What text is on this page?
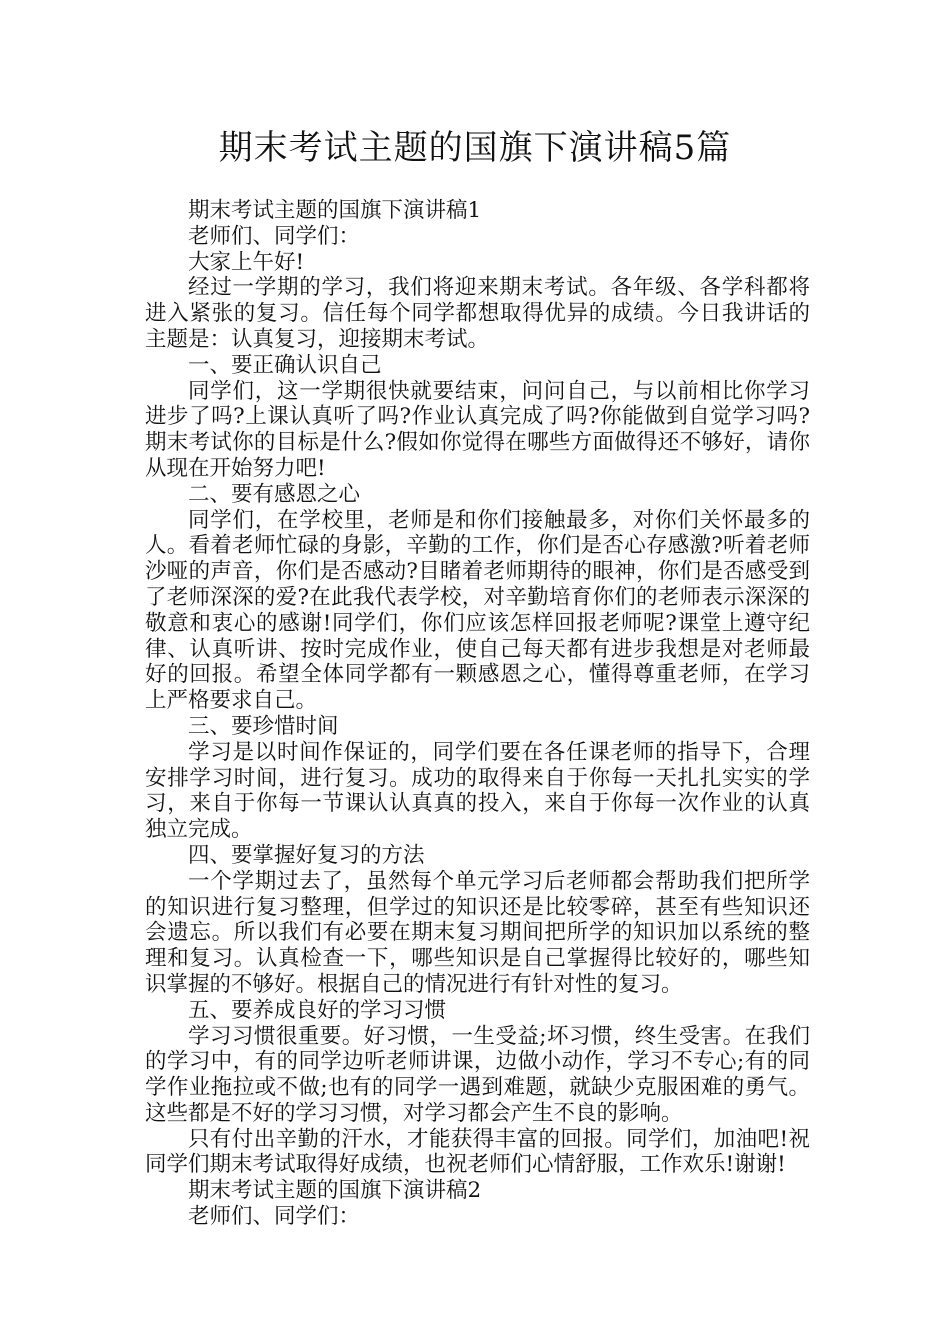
期末考试主题的国旗下演讲稿5篇

期末考试主题的国旗下演讲稿1

老师们、同学们：

大家上午好!

经过一学期的学习，我们将迎来期末考试。各年级、各学科都将进入紧张的复习。信任每个同学都想取得优异的成绩。今日我讲话的主题是：认真复习，迎接期末考试。

一、要正确认识自己

同学们，这一学期很快就要结束，问问自己，与以前相比你学习进步了吗?上课认真听了吗?作业认真完成了吗?你能做到自觉学习吗?期末考试你的目标是什么?假如你觉得在哪些方面做得还不够好，请你从现在开始努力吧!

二、要有感恩之心

同学们，在学校里，老师是和你们接触最多，对你们关怀最多的人。看着老师忙碌的身影，辛勤的工作，你们是否心存感激?听着老师沙哑的声音，你们是否感动?目睹着老师期待的眼神，你们是否感受到了老师深深的爱?在此我代表学校，对辛勤培育你们的老师表示深深的敬意和衷心的感谢!同学们，你们应该怎样回报老师呢?课堂上遵守纪律、认真听讲、按时完成作业，使自己每天都有进步我想是对老师最好的回报。希望全体同学都有一颗感恩之心，懂得尊重老师，在学习上严格要求自己。

三、要珍惜时间

学习是以时间作保证的，同学们要在各任课老师的指导下，合理安排学习时间，进行复习。成功的取得来自于你每一天扎扎实实的学习，来自于你每一节课认认真真的投入，来自于你每一次作业的认真独立完成。

四、要掌握好复习的方法

一个学期过去了，虽然每个单元学习后老师都会帮助我们把所学的知识进行复习整理，但学过的知识还是比较零碎，甚至有些知识还会遗忘。所以我们有必要在期末复习期间把所学的知识加以系统的整理和复习。认真检查一下，哪些知识是自己掌握得比较好的，哪些知识掌握的不够好。根据自己的情况进行有针对性的复习。

五、要养成良好的学习习惯

学习习惯很重要。好习惯，一生受益;坏习惯，终生受害。在我们的学习中，有的同学边听老师讲课，边做小动作，学习不专心;有的同学作业拖拉或不做;也有的同学一遇到难题，就缺少克服困难的勇气。这些都是不好的学习习惯，对学习都会产生不良的影响。

只有付出辛勤的汗水，才能获得丰富的回报。同学们，加油吧!祝同学们期末考试取得好成绩，也祝老师们心情舒服，工作欢乐!谢谢!

期末考试主题的国旗下演讲稿2

老师们、同学们：
